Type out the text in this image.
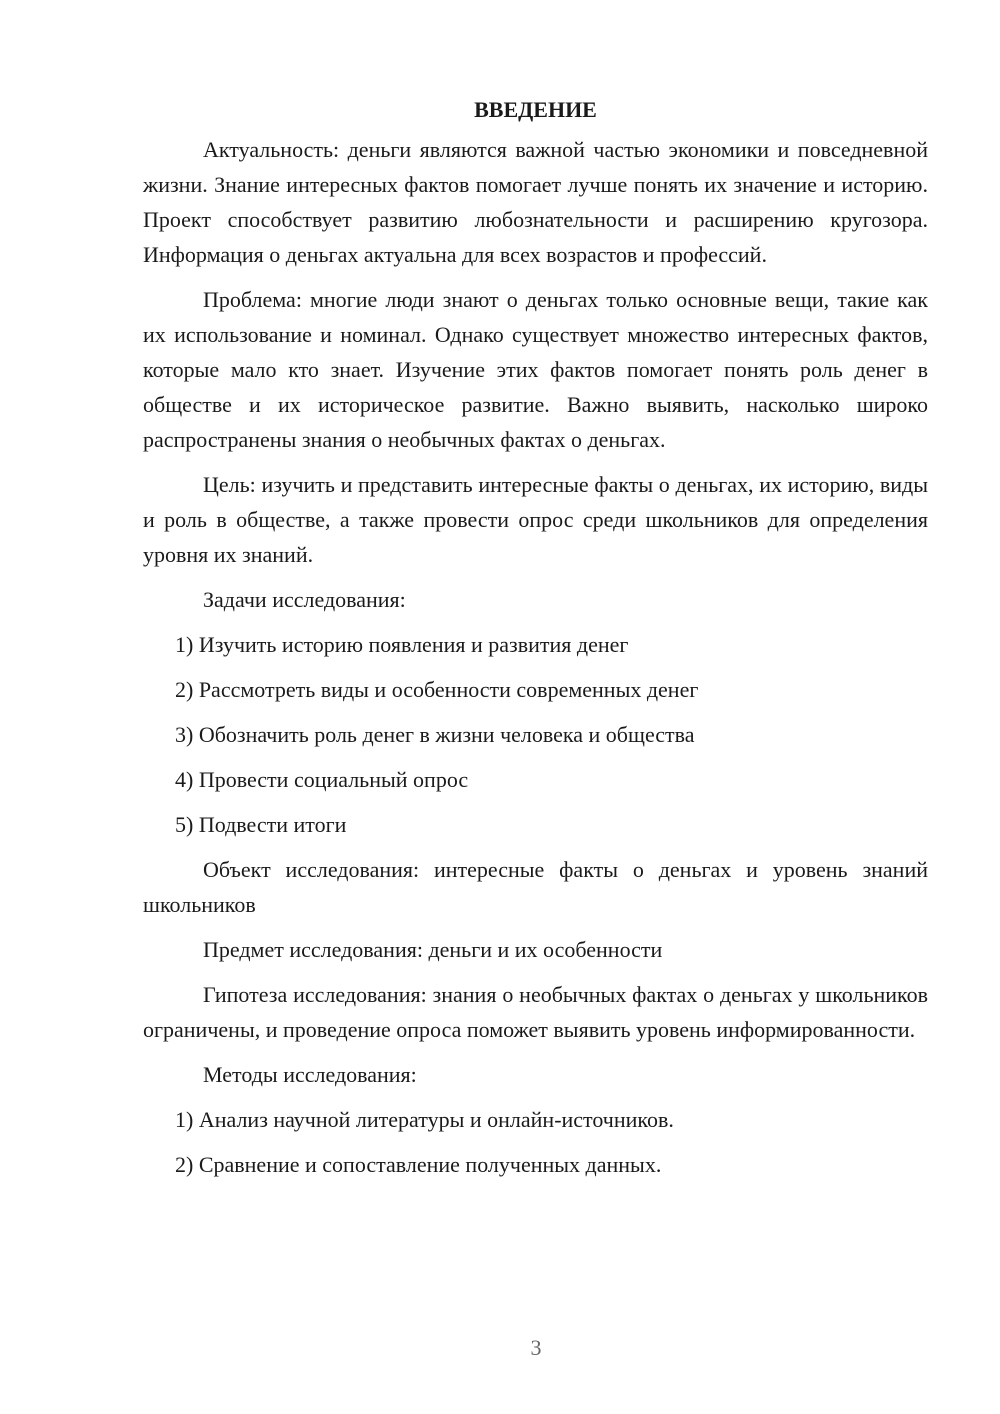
ВВЕДЕНИЕ

Актуальность: деньги являются важной частью экономики и повседневной жизни. Знание интересных фактов помогает лучше понять их значение и историю. Проект способствует развитию любознательности и расширению кругозора. Информация о деньгах актуальна для всех возрастов и профессий.

Проблема: многие люди знают о деньгах только основные вещи, такие как их использование и номинал. Однако существует множество интересных фактов, которые мало кто знает. Изучение этих фактов помогает понять роль денег в обществе и их историческое развитие. Важно выявить, насколько широко распространены знания о необычных фактах о деньгах.

Цель: изучить и представить интересные факты о деньгах, их историю, виды и роль в обществе, а также провести опрос среди школьников для определения уровня их знаний.

Задачи исследования:

1) Изучить историю появления и развития денег

2) Рассмотреть виды и особенности современных денег

3) Обозначить роль денег в жизни человека и общества

4) Провести социальный опрос

5) Подвести итоги

Объект исследования: интересные факты о деньгах и уровень знаний школьников

Предмет исследования: деньги и их особенности

Гипотеза исследования: знания о необычных фактах о деньгах у школьников ограничены, и проведение опроса поможет выявить уровень информированности.

Методы исследования:

1) Анализ научной литературы и онлайн-источников.

2) Сравнение и сопоставление полученных данных.

3
